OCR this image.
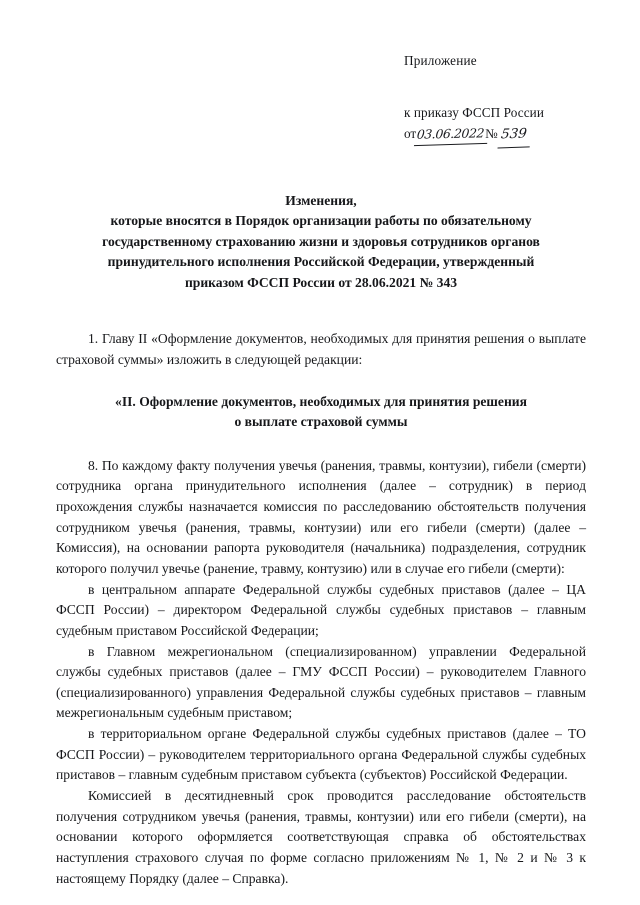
Приложение
к приказу ФССП России
от 03.06.2022 № 539
Изменения,
которые вносятся в Порядок организации работы по обязательному
государственному страхованию жизни и здоровья сотрудников органов
принудительного исполнения Российской Федерации, утвержденный
приказом ФССП России от 28.06.2021 № 343

1. Главу II «Оформление документов, необходимых для принятия решения о выплате страховой суммы» изложить в следующей редакции:

«II. Оформление документов, необходимых для принятия решения
о выплате страховой суммы

8. По каждому факту получения увечья (ранения, травмы, контузии), гибели (смерти) сотрудника органа принудительного исполнения (далее – сотрудник) в период прохождения службы назначается комиссия по расследованию обстоятельств получения сотрудником увечья (ранения, травмы, контузии) или его гибели (смерти) (далее – Комиссия), на основании рапорта руководителя (начальника) подразделения, сотрудник которого получил увечье (ранение, травму, контузию) или в случае его гибели (смерти):

в центральном аппарате Федеральной службы судебных приставов (далее – ЦА ФССП России) – директором Федеральной службы судебных приставов – главным судебным приставом Российской Федерации;

в Главном межрегиональном (специализированном) управлении Федеральной службы судебных приставов (далее – ГМУ ФССП России) – руководителем Главного (специализированного) управления Федеральной службы судебных приставов – главным межрегиональным судебным приставом;

в территориальном органе Федеральной службы судебных приставов (далее – ТО ФССП России) – руководителем территориального органа Федеральной службы судебных приставов – главным судебным приставом субъекта (субъектов) Российской Федерации.

Комиссией в десятидневный срок проводится расследование обстоятельств получения сотрудником увечья (ранения, травмы, контузии) или его гибели (смерти), на основании которого оформляется соответствующая справка об обстоятельствах наступления страхового случая по форме согласно приложениям № 1, № 2 и № 3 к настоящему Порядку (далее – Справка).
